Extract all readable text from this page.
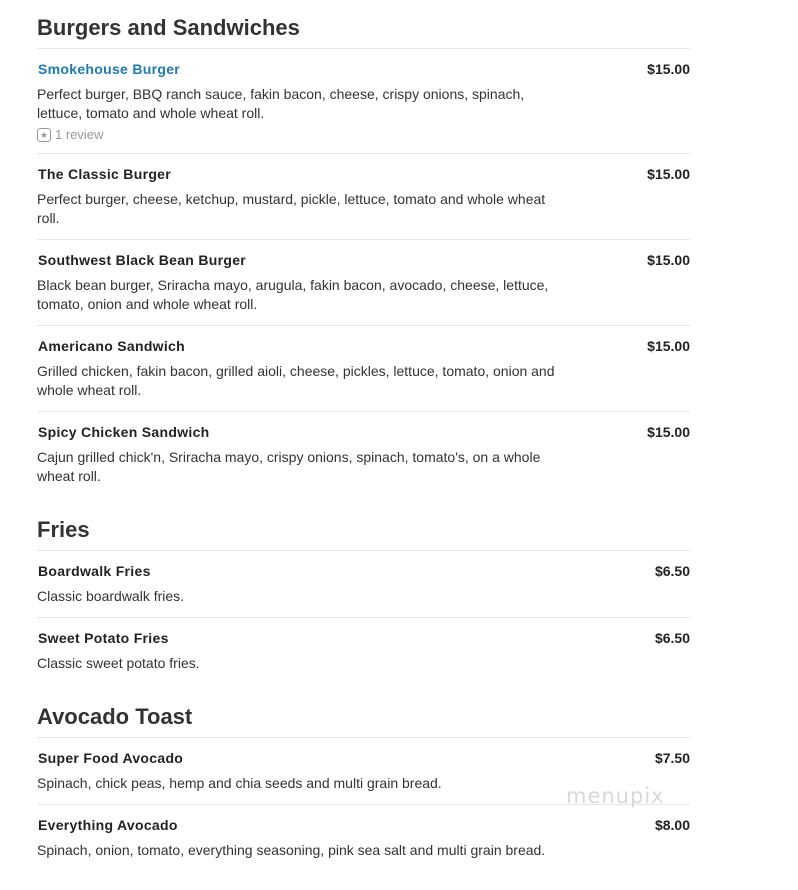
Burgers and Sandwiches
Smokehouse Burger	$15.00
Perfect burger, BBQ ranch sauce, fakin bacon, cheese, crispy onions, spinach, lettuce, tomato and whole wheat roll.
★ 1 review
The Classic Burger	$15.00
Perfect burger, cheese, ketchup, mustard, pickle, lettuce, tomato and whole wheat roll.
Southwest Black Bean Burger	$15.00
Black bean burger, Sriracha mayo, arugula, fakin bacon, avocado, cheese, lettuce, tomato, onion and whole wheat roll.
Americano Sandwich	$15.00
Grilled chicken, fakin bacon, grilled aioli, cheese, pickles, lettuce, tomato, onion and whole wheat roll.
Spicy Chicken Sandwich	$15.00
Cajun grilled chick'n, Sriracha mayo, crispy onions, spinach, tomato's, on a whole wheat roll.
Fries
Boardwalk Fries	$6.50
Classic boardwalk fries.
Sweet Potato Fries	$6.50
Classic sweet potato fries.
Avocado Toast
Super Food Avocado	$7.50
Spinach, chick peas, hemp and chia seeds and multi grain bread.
Everything Avocado	$8.00
Spinach, onion, tomato, everything seasoning, pink sea salt and multi grain bread.
menupix
